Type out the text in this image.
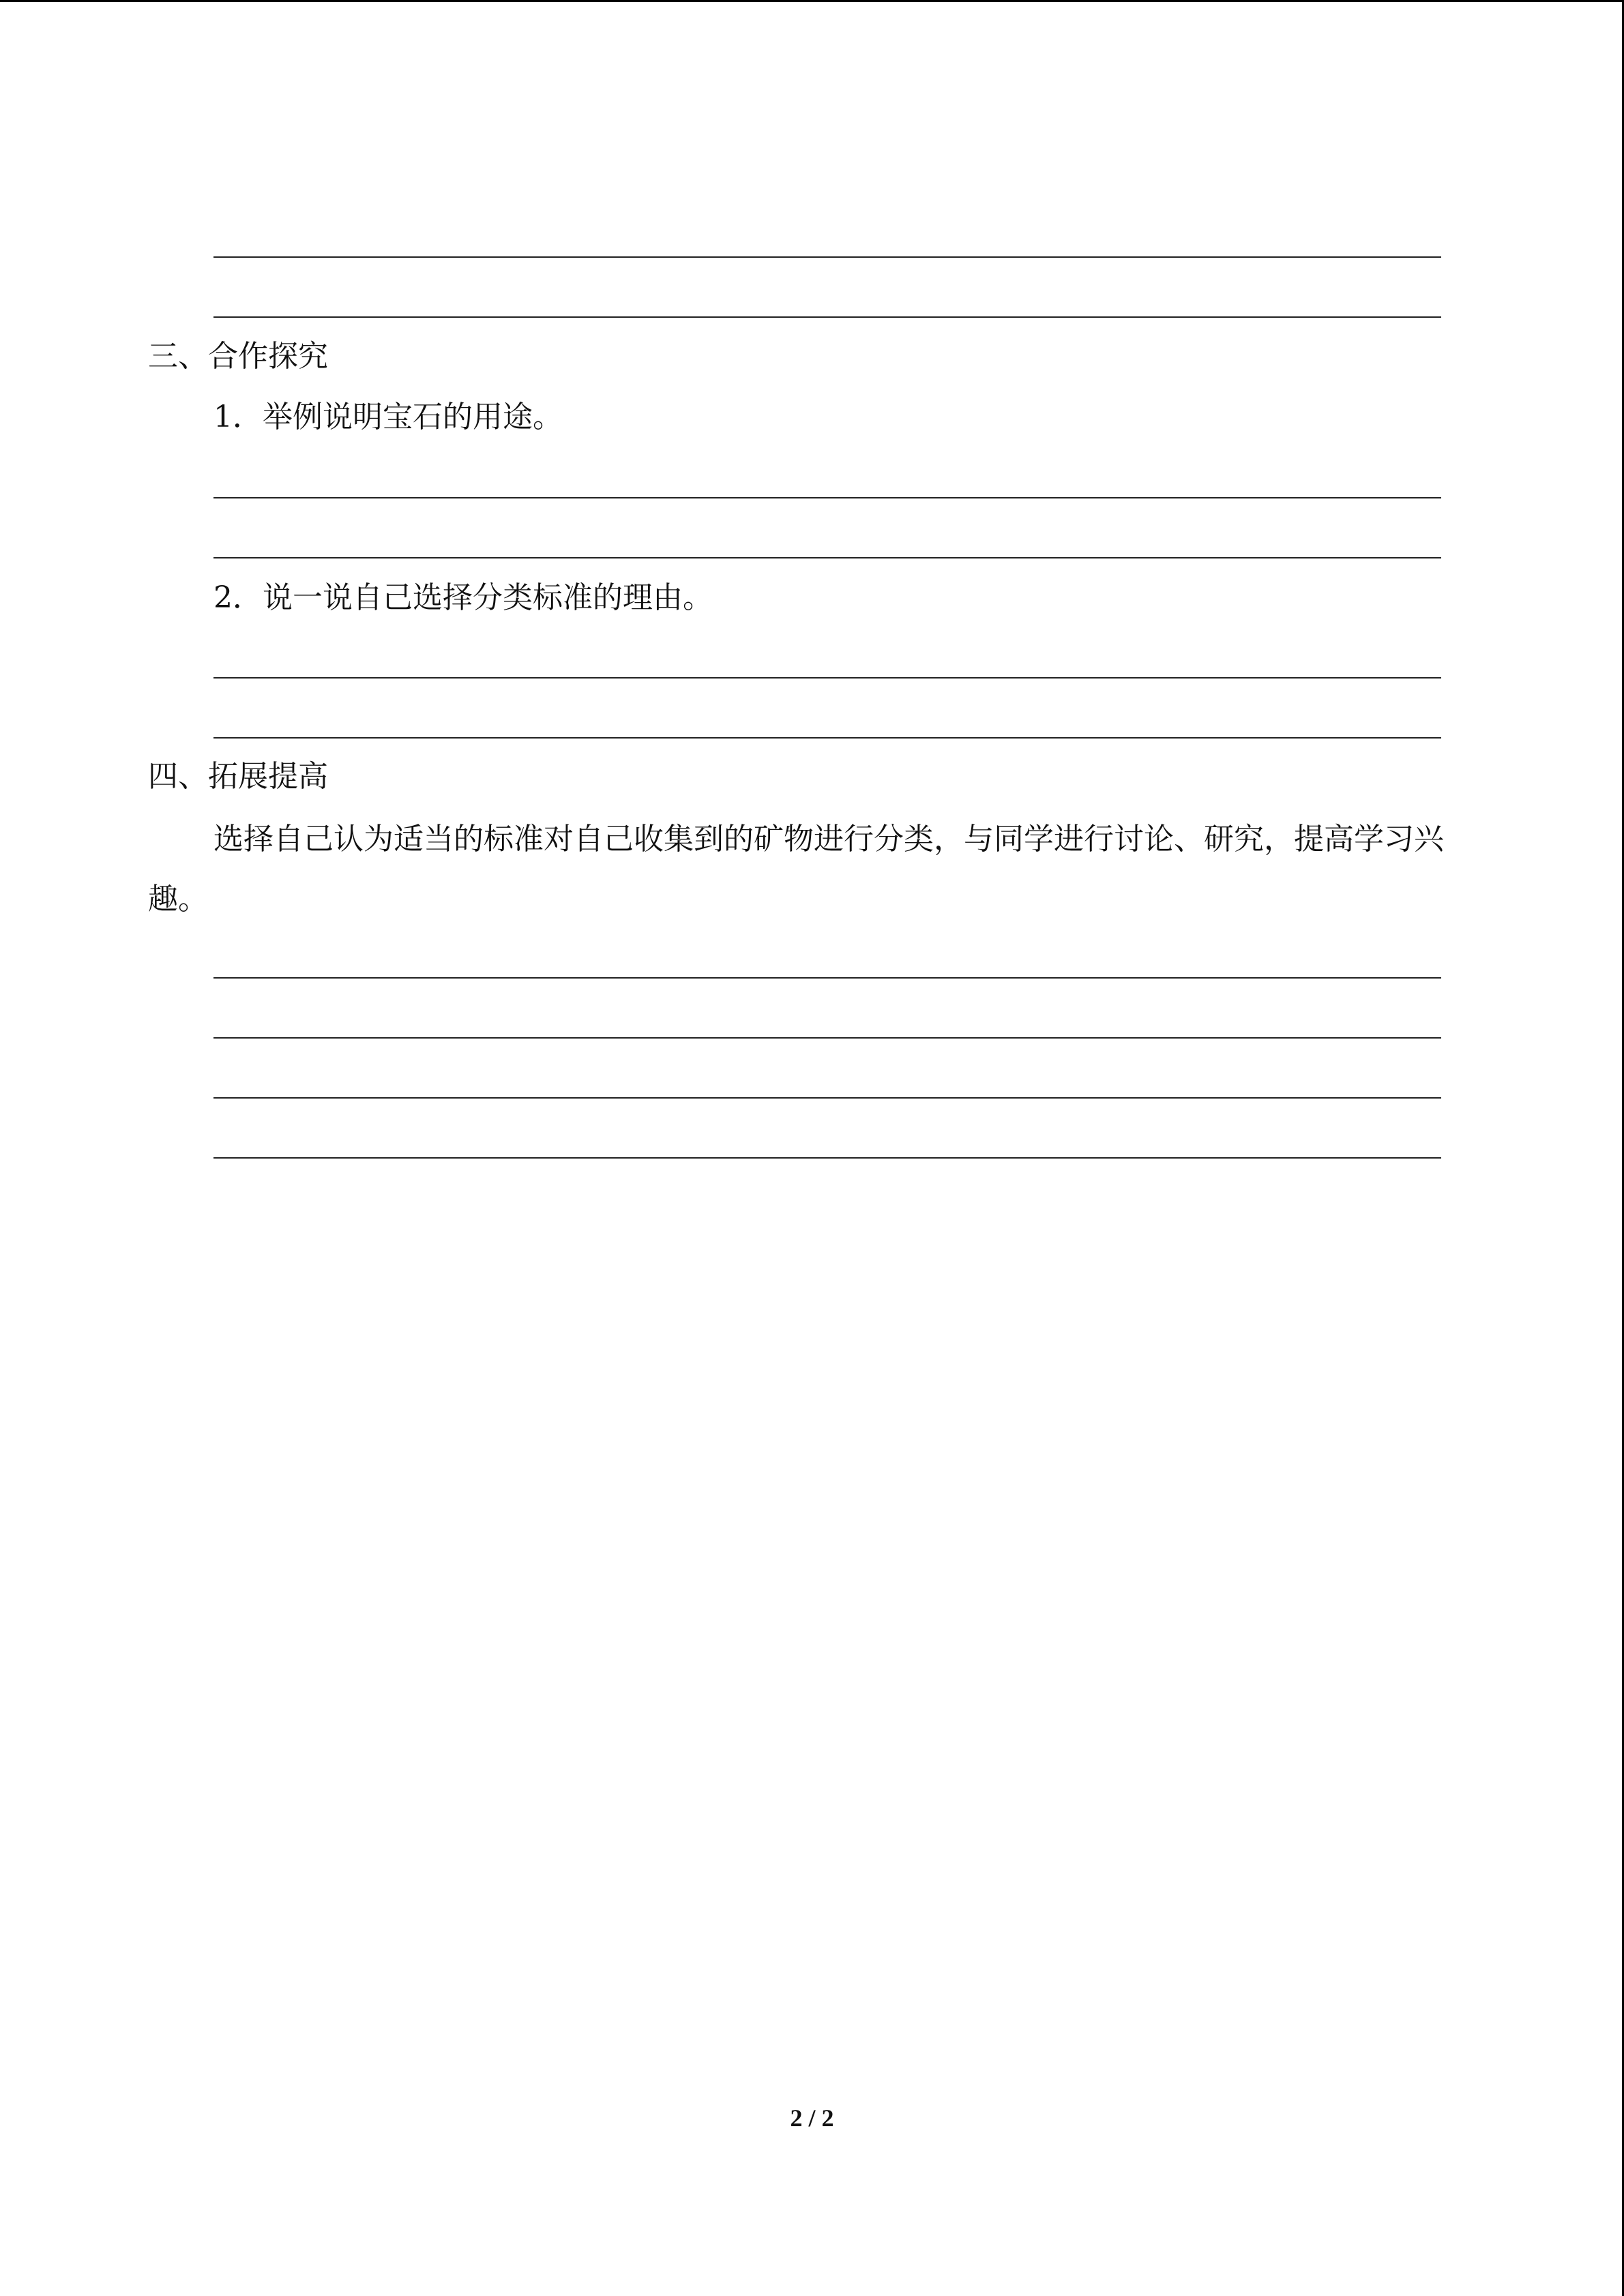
三、合作探究
1．举例说明宝石的用途。
2．说一说自己选择分类标准的理由。
四、拓展提高
选择自己认为适当的标准对自己收集到的矿物进行分类，与同学进行讨论、研究，提高学习兴趣。
2 / 2
